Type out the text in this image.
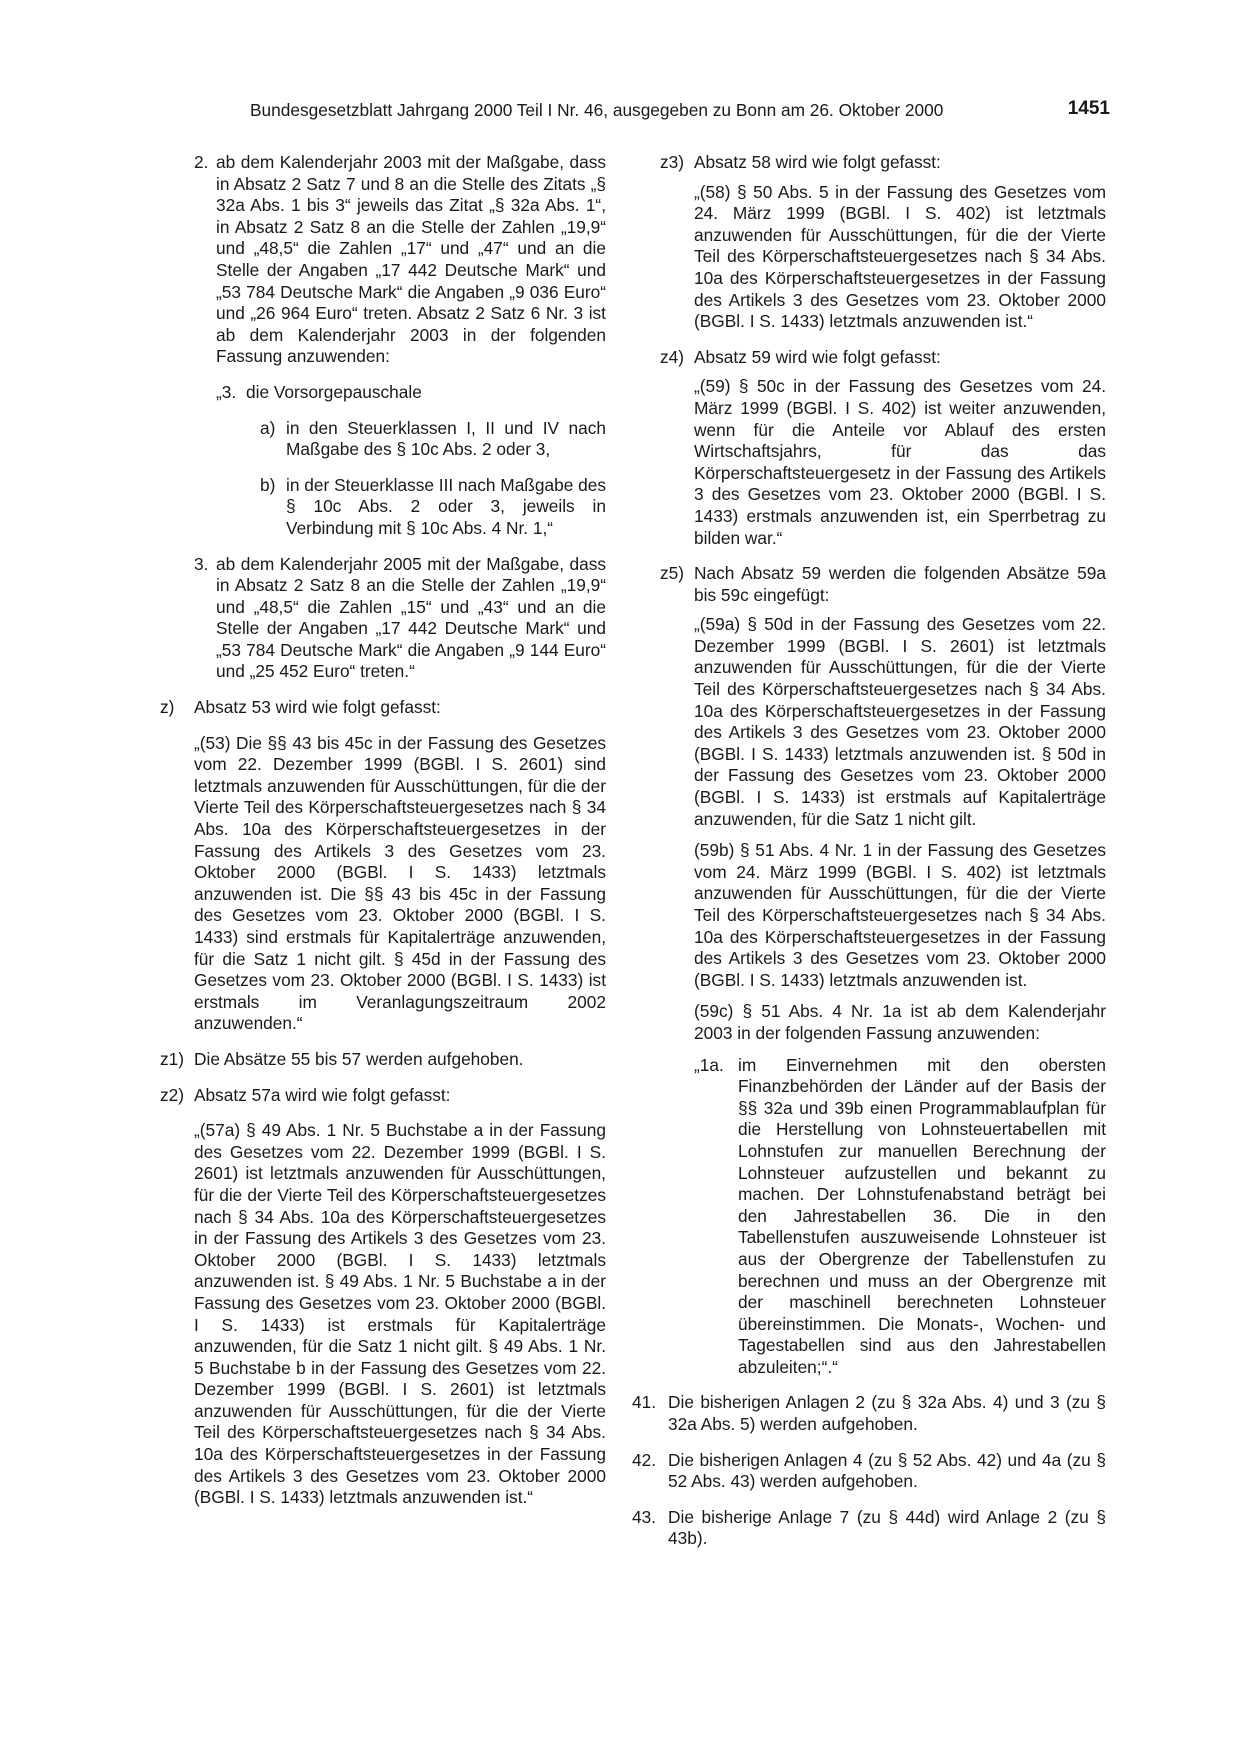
Bundesgesetzblatt Jahrgang 2000 Teil I Nr. 46, ausgegeben zu Bonn am 26. Oktober 2000	1451
2. ab dem Kalenderjahr 2003 mit der Maßgabe, dass in Absatz 2 Satz 7 und 8 an die Stelle des Zitats „§ 32a Abs. 1 bis 3“ jeweils das Zitat „§ 32a Abs. 1“, in Absatz 2 Satz 8 an die Stelle der Zahlen „19,9“ und „48,5“ die Zahlen „17“ und „47“ und an die Stelle der Angaben „17 442 Deutsche Mark“ und „53 784 Deutsche Mark“ die Angaben „9 036 Euro“ und „26 964 Euro“ treten. Absatz 2 Satz 6 Nr. 3 ist ab dem Kalenderjahr 2003 in der folgenden Fassung anzuwenden:
„3. die Vorsorgepauschale
a) in den Steuerklassen I, II und IV nach Maßgabe des § 10c Abs. 2 oder 3,
b) in der Steuerklasse III nach Maßgabe des § 10c Abs. 2 oder 3, jeweils in Verbindung mit § 10c Abs. 4 Nr. 1,“
3. ab dem Kalenderjahr 2005 mit der Maßgabe, dass in Absatz 2 Satz 8 an die Stelle der Zahlen „19,9“ und „48,5“ die Zahlen „15“ und „43“ und an die Stelle der Angaben „17 442 Deutsche Mark“ und „53 784 Deutsche Mark“ die Angaben „9 144 Euro“ und „25 452 Euro“ treten.“
z)	Absatz 53 wird wie folgt gefasst:

„(53) Die §§ 43 bis 45c in der Fassung des Gesetzes vom 22. Dezember 1999 (BGBl. I S. 2601) sind letztmals anzuwenden für Ausschüttungen, für die der Vierte Teil des Körperschaftsteuergesetzes nach § 34 Abs. 10a des Körperschaftsteuergesetzes in der Fassung des Artikels 3 des Gesetzes vom 23. Oktober 2000 (BGBl. I S. 1433) letztmals anzuwenden ist. Die §§ 43 bis 45c in der Fassung des Gesetzes vom 23. Oktober 2000 (BGBl. I S. 1433) sind erstmals für Kapitalerträge anzuwenden, für die Satz 1 nicht gilt. § 45d in der Fassung des Gesetzes vom 23. Oktober 2000 (BGBl. I S. 1433) ist erstmals im Veranlagungszeitraum 2002 anzuwenden.“

z1) Die Absätze 55 bis 57 werden aufgehoben.
z2) Absatz 57a wird wie folgt gefasst:

„(57a) § 49 Abs. 1 Nr. 5 Buchstabe a in der Fassung des Gesetzes vom 22. Dezember 1999 (BGBl. I S. 2601) ist letztmals anzuwenden für Ausschüttungen, für die der Vierte Teil des Körperschaftsteuergesetzes nach § 34 Abs. 10a des Körperschaftsteuergesetzes in der Fassung des Artikels 3 des Gesetzes vom 23. Oktober 2000 (BGBl. I S. 1433) letztmals anzuwenden ist. § 49 Abs. 1 Nr. 5 Buchstabe a in der Fassung des Gesetzes vom 23. Oktober 2000 (BGBl. I S. 1433) ist erstmals für Kapitalerträge anzuwenden, für die Satz 1 nicht gilt. § 49 Abs. 1 Nr. 5 Buchstabe b in der Fassung des Gesetzes vom 22. Dezember 1999 (BGBl. I S. 2601) ist letztmals anzuwenden für Ausschüttungen, für die der Vierte Teil des Körperschaftsteuergesetzes nach § 34 Abs. 10a des Körperschaftsteuergesetzes in der Fassung des Artikels 3 des Gesetzes vom 23. Oktober 2000 (BGBl. I S. 1433) letztmals anzuwenden ist.“

z3) Absatz 58 wird wie folgt gefasst:

„(58) § 50 Abs. 5 in der Fassung des Gesetzes vom 24. März 1999 (BGBl. I S. 402) ist letztmals anzuwenden für Ausschüttungen, für die der Vierte Teil des Körperschaftsteuergesetzes nach § 34 Abs. 10a des Körperschaftsteuergesetzes in der Fassung des Artikels 3 des Gesetzes vom 23. Oktober 2000 (BGBl. I S. 1433) letztmals anzuwenden ist.“

z4) Absatz 59 wird wie folgt gefasst:

„(59) § 50c in der Fassung des Gesetzes vom 24. März 1999 (BGBl. I S. 402) ist weiter anzuwenden, wenn für die Anteile vor Ablauf des ersten Wirtschaftsjahrs, für das das Körperschaftsteuergesetz in der Fassung des Artikels 3 des Gesetzes vom 23. Oktober 2000 (BGBl. I S. 1433) erstmals anzuwenden ist, ein Sperrbetrag zu bilden war.“

z5) Nach Absatz 59 werden die folgenden Absätze 59a bis 59c eingefügt:

„(59a) § 50d in der Fassung des Gesetzes vom 22. Dezember 1999 (BGBl. I S. 2601) ist letztmals anzuwenden für Ausschüttungen, für die der Vierte Teil des Körperschaftsteuergesetzes nach § 34 Abs. 10a des Körperschaftsteuergesetzes in der Fassung des Artikels 3 des Gesetzes vom 23. Oktober 2000 (BGBl. I S. 1433) letztmals anzuwenden ist. § 50d in der Fassung des Gesetzes vom 23. Oktober 2000 (BGBl. I S. 1433) ist erstmals auf Kapitalerträge anzuwenden, für die Satz 1 nicht gilt.

(59b) § 51 Abs. 4 Nr. 1 in der Fassung des Gesetzes vom 24. März 1999 (BGBl. I S. 402) ist letztmals anzuwenden für Ausschüttungen, für die der Vierte Teil des Körperschaftsteuergesetzes nach § 34 Abs. 10a des Körperschaftsteuergesetzes in der Fassung des Artikels 3 des Gesetzes vom 23. Oktober 2000 (BGBl. I S. 1433) letztmals anzuwenden ist.

(59c) § 51 Abs. 4 Nr. 1a ist ab dem Kalenderjahr 2003 in der folgenden Fassung anzuwenden:

„1a. im Einvernehmen mit den obersten Finanzbehörden der Länder auf der Basis der §§ 32a und 39b einen Programmablaufplan für die Herstellung von Lohnsteuertabellen mit Lohnstufen zur manuellen Berechnung der Lohnsteuer aufzustellen und bekannt zu machen. Der Lohnstufenabstand beträgt bei den Jahrestabellen 36. Die in den Tabellenstufen auszuweisende Lohnsteuer ist aus der Obergrenze der Tabellenstufen zu berechnen und muss an der Obergrenze mit der maschinell berechneten Lohnsteuer übereinstimmen. Die Monats-, Wochen- und Tagestabellen sind aus den Jahrestabellen abzuleiten;“.“
41. Die bisherigen Anlagen 2 (zu § 32a Abs. 4) und 3 (zu § 32a Abs. 5) werden aufgehoben.
42. Die bisherigen Anlagen 4 (zu § 52 Abs. 42) und 4a (zu § 52 Abs. 43) werden aufgehoben.
43. Die bisherige Anlage 7 (zu § 44d) wird Anlage 2 (zu § 43b).
